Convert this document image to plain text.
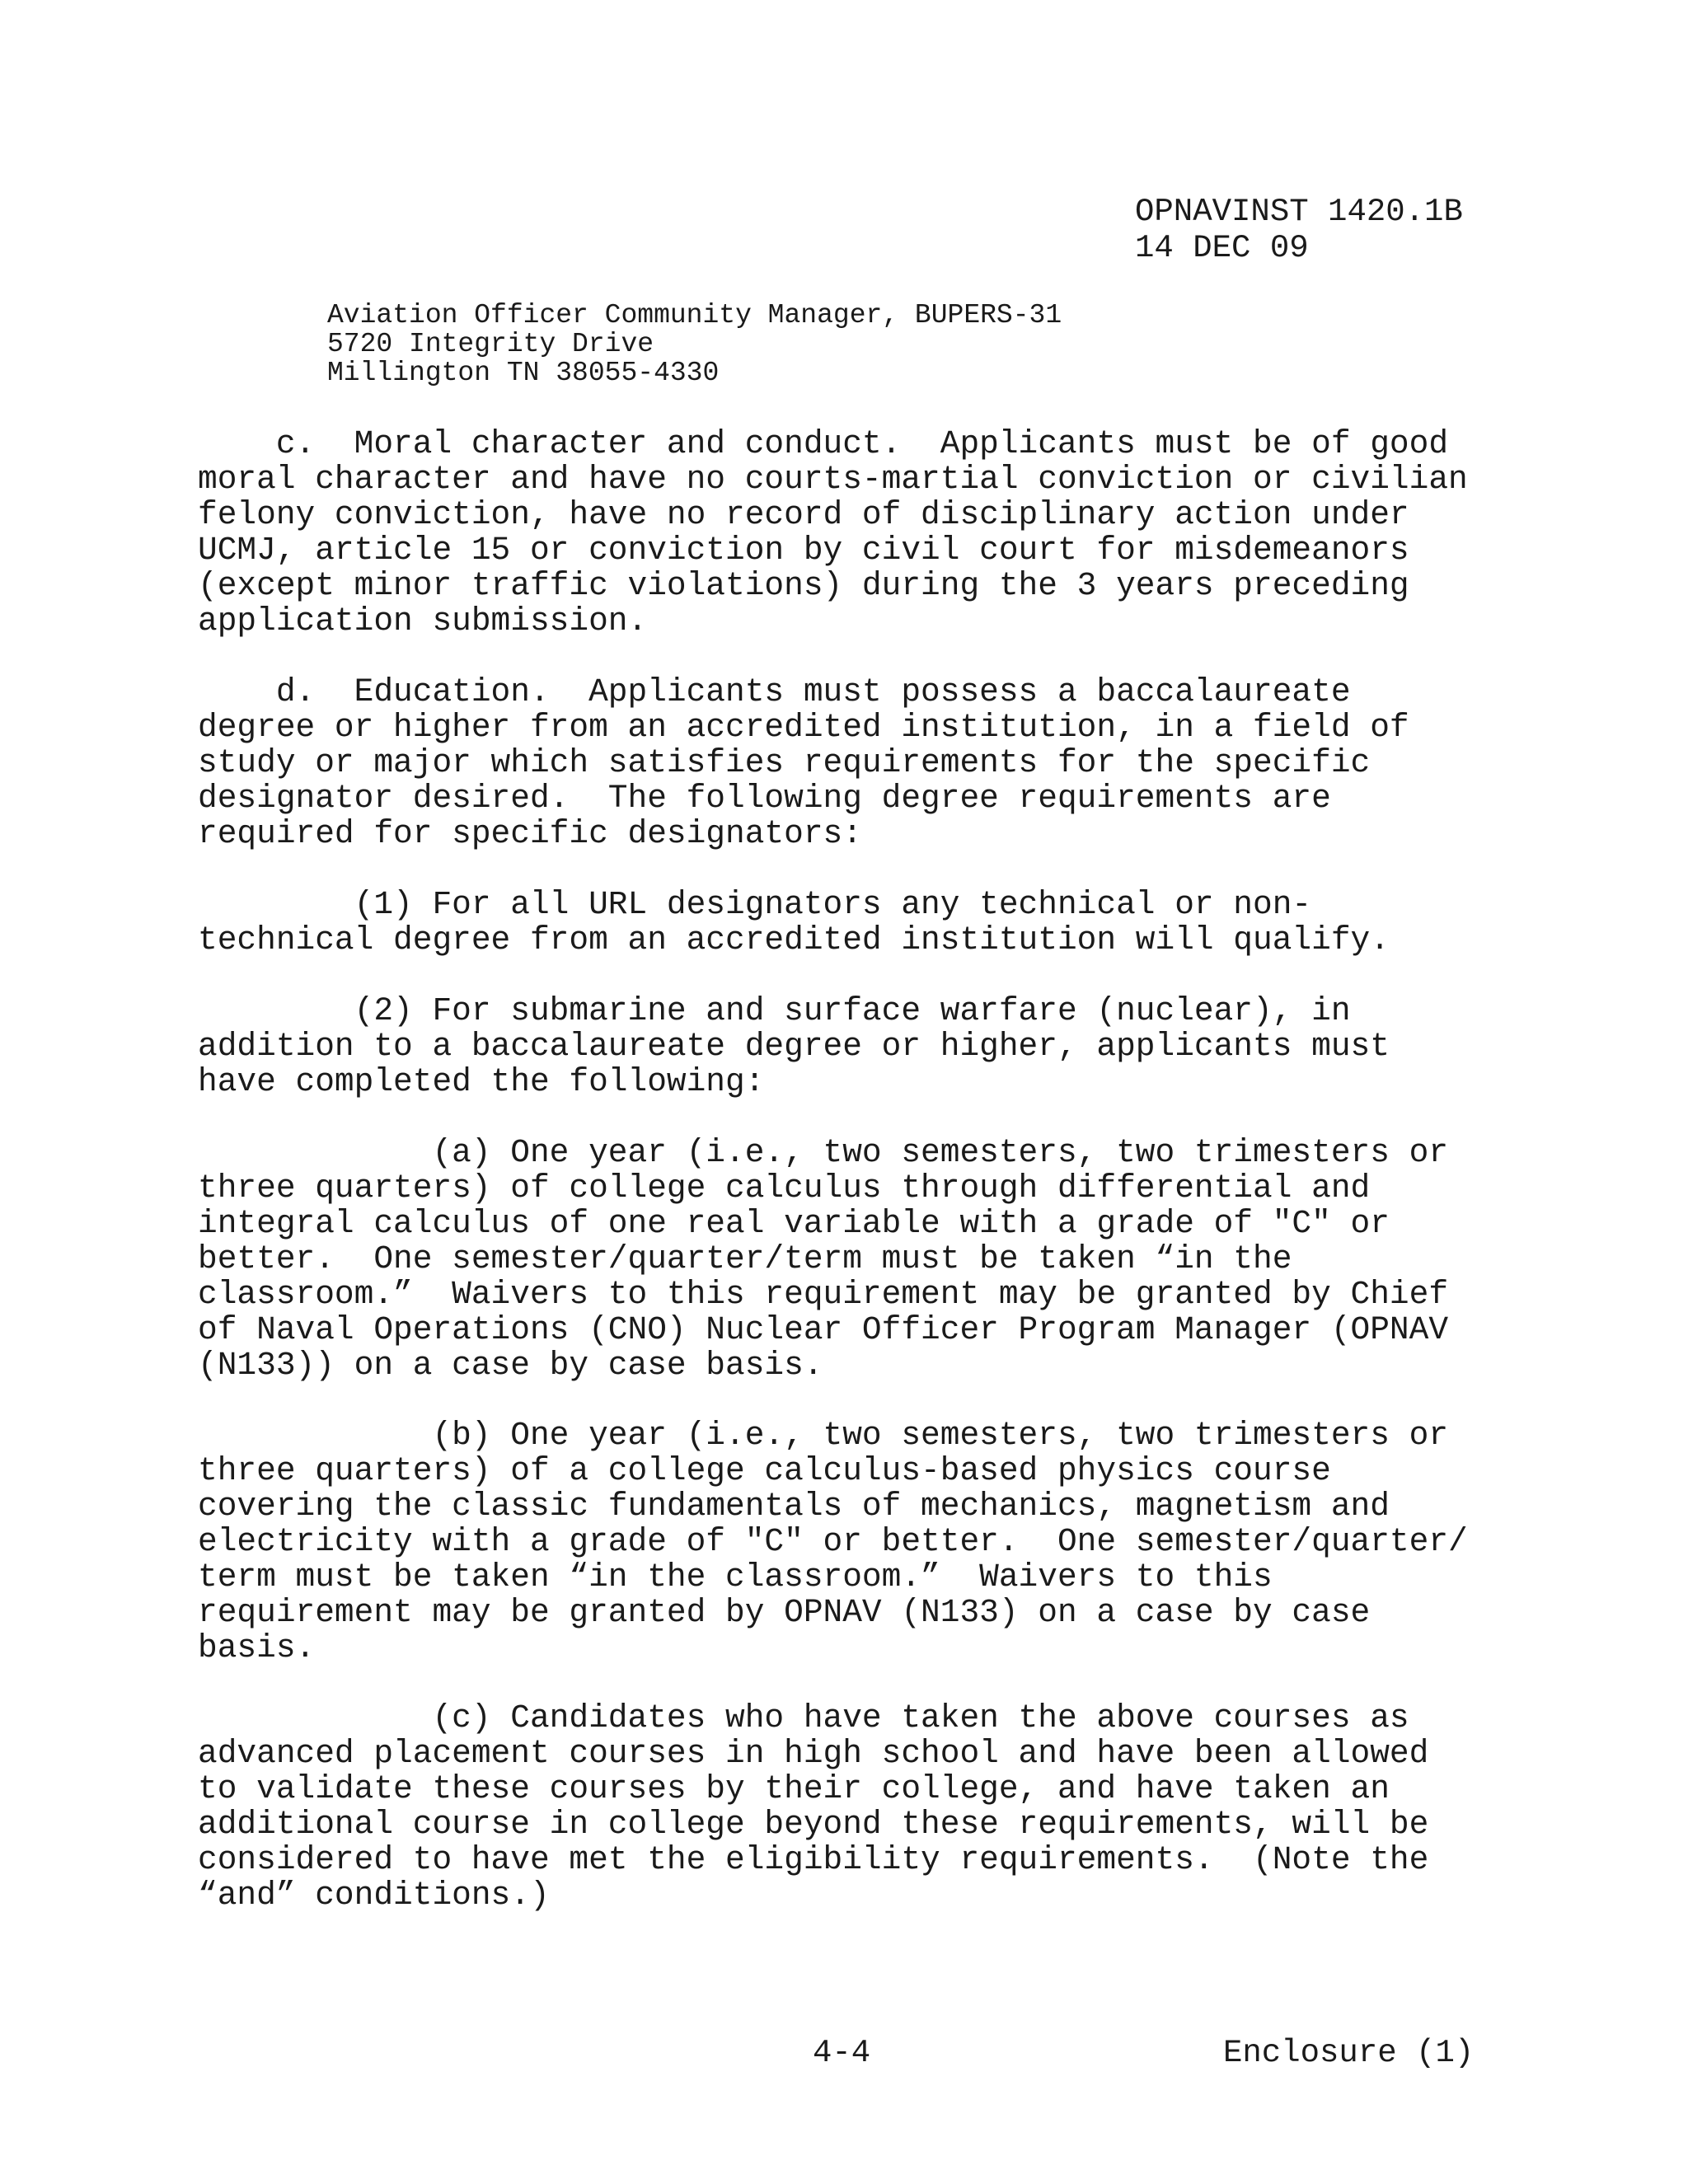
OPNAVINST 1420.1B
14 DEC 09
Aviation Officer Community Manager, BUPERS-31
5720 Integrity Drive
Millington TN 38055-4330
c.  Moral character and conduct.  Applicants must be of good
moral character and have no courts-martial conviction or civilian
felony conviction, have no record of disciplinary action under
UCMJ, article 15 or conviction by civil court for misdemeanors
(except minor traffic violations) during the 3 years preceding
application submission.
d.  Education.  Applicants must possess a baccalaureate
degree or higher from an accredited institution, in a field of
study or major which satisfies requirements for the specific
designator desired.  The following degree requirements are
required for specific designators:
(1) For all URL designators any technical or non-
technical degree from an accredited institution will qualify.
(2) For submarine and surface warfare (nuclear), in
addition to a baccalaureate degree or higher, applicants must
have completed the following:
(a) One year (i.e., two semesters, two trimesters or
three quarters) of college calculus through differential and
integral calculus of one real variable with a grade of "C" or
better.  One semester/quarter/term must be taken “in the
classroom.”  Waivers to this requirement may be granted by Chief
of Naval Operations (CNO) Nuclear Officer Program Manager (OPNAV
(N133)) on a case by case basis.
(b) One year (i.e., two semesters, two trimesters or
three quarters) of a college calculus-based physics course
covering the classic fundamentals of mechanics, magnetism and
electricity with a grade of "C" or better.  One semester/quarter/
term must be taken “in the classroom.”  Waivers to this
requirement may be granted by OPNAV (N133) on a case by case
basis.
(c) Candidates who have taken the above courses as
advanced placement courses in high school and have been allowed
to validate these courses by their college, and have taken an
additional course in college beyond these requirements, will be
considered to have met the eligibility requirements.  (Note the
“and” conditions.)
4-4	Enclosure (1)
